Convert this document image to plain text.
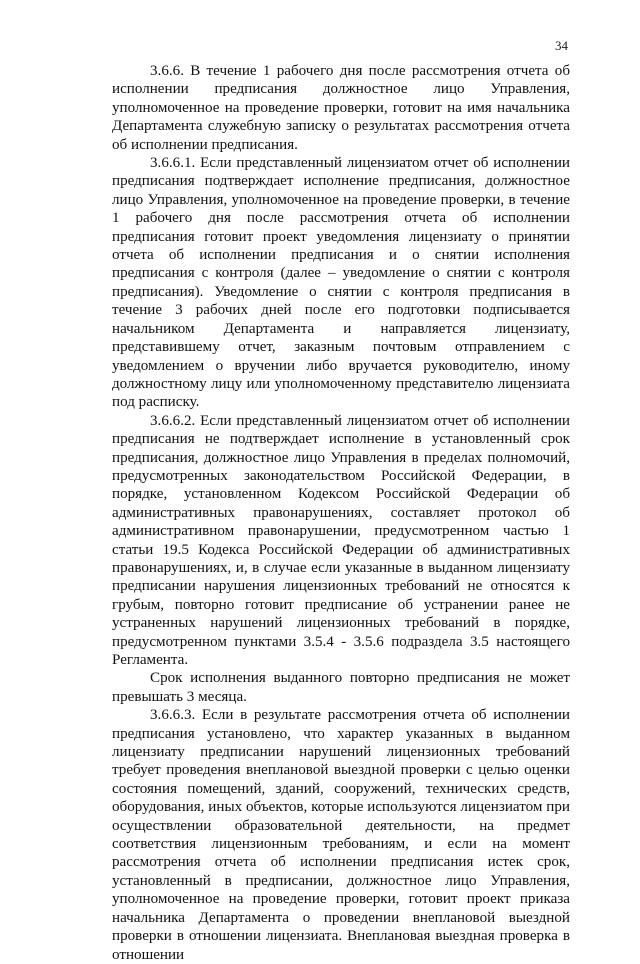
34

3.6.6. В течение 1 рабочего дня после рассмотрения отчета об исполнении предписания должностное лицо Управления, уполномоченное на проведение проверки, готовит на имя начальника Департамента служебную записку о результатах рассмотрения отчета об исполнении предписания.

3.6.6.1. Если представленный лицензиатом отчет об исполнении предписания подтверждает исполнение предписания, должностное лицо Управления, уполномоченное на проведение проверки, в течение 1 рабочего дня после рассмотрения отчета об исполнении предписания готовит проект уведомления лицензиату о принятии отчета об исполнении предписания и о снятии исполнения предписания с контроля (далее – уведомление о снятии с контроля предписания). Уведомление о снятии с контроля предписания в течение 3 рабочих дней после его подготовки подписывается начальником Департамента и направляется лицензиату, представившему отчет, заказным почтовым отправлением с уведомлением о вручении либо вручается руководителю, иному должностному лицу или уполномоченному представителю лицензиата под расписку.

3.6.6.2. Если представленный лицензиатом отчет об исполнении предписания не подтверждает исполнение в установленный срок предписания, должностное лицо Управления в пределах полномочий, предусмотренных законодательством Российской Федерации, в порядке, установленном Кодексом Российской Федерации об административных правонарушениях, составляет протокол об административном правонарушении, предусмотренном частью 1 статьи 19.5 Кодекса Российской Федерации об административных правонарушениях, и, в случае если указанные в выданном лицензиату предписании нарушения лицензионных требований не относятся к грубым, повторно готовит предписание об устранении ранее не устраненных нарушений лицензионных требований в порядке, предусмотренном пунктами 3.5.4 - 3.5.6 подраздела 3.5 настоящего Регламента.

Срок исполнения выданного повторно предписания не может превышать 3 месяца.

3.6.6.3. Если в результате рассмотрения отчета об исполнении предписания установлено, что характер указанных в выданном лицензиату предписании нарушений лицензионных требований требует проведения внеплановой выездной проверки с целью оценки состояния помещений, зданий, сооружений, технических средств, оборудования, иных объектов, которые используются лицензиатом при осуществлении образовательной деятельности, на предмет соответствия лицензионным требованиям, и если на момент рассмотрения отчета об исполнении предписания истек срок, установленный в предписании, должностное лицо Управления, уполномоченное на проведение проверки, готовит проект приказа начальника Департамента о проведении внеплановой выездной проверки в отношении лицензиата. Внеплановая выездная проверка в отношении
